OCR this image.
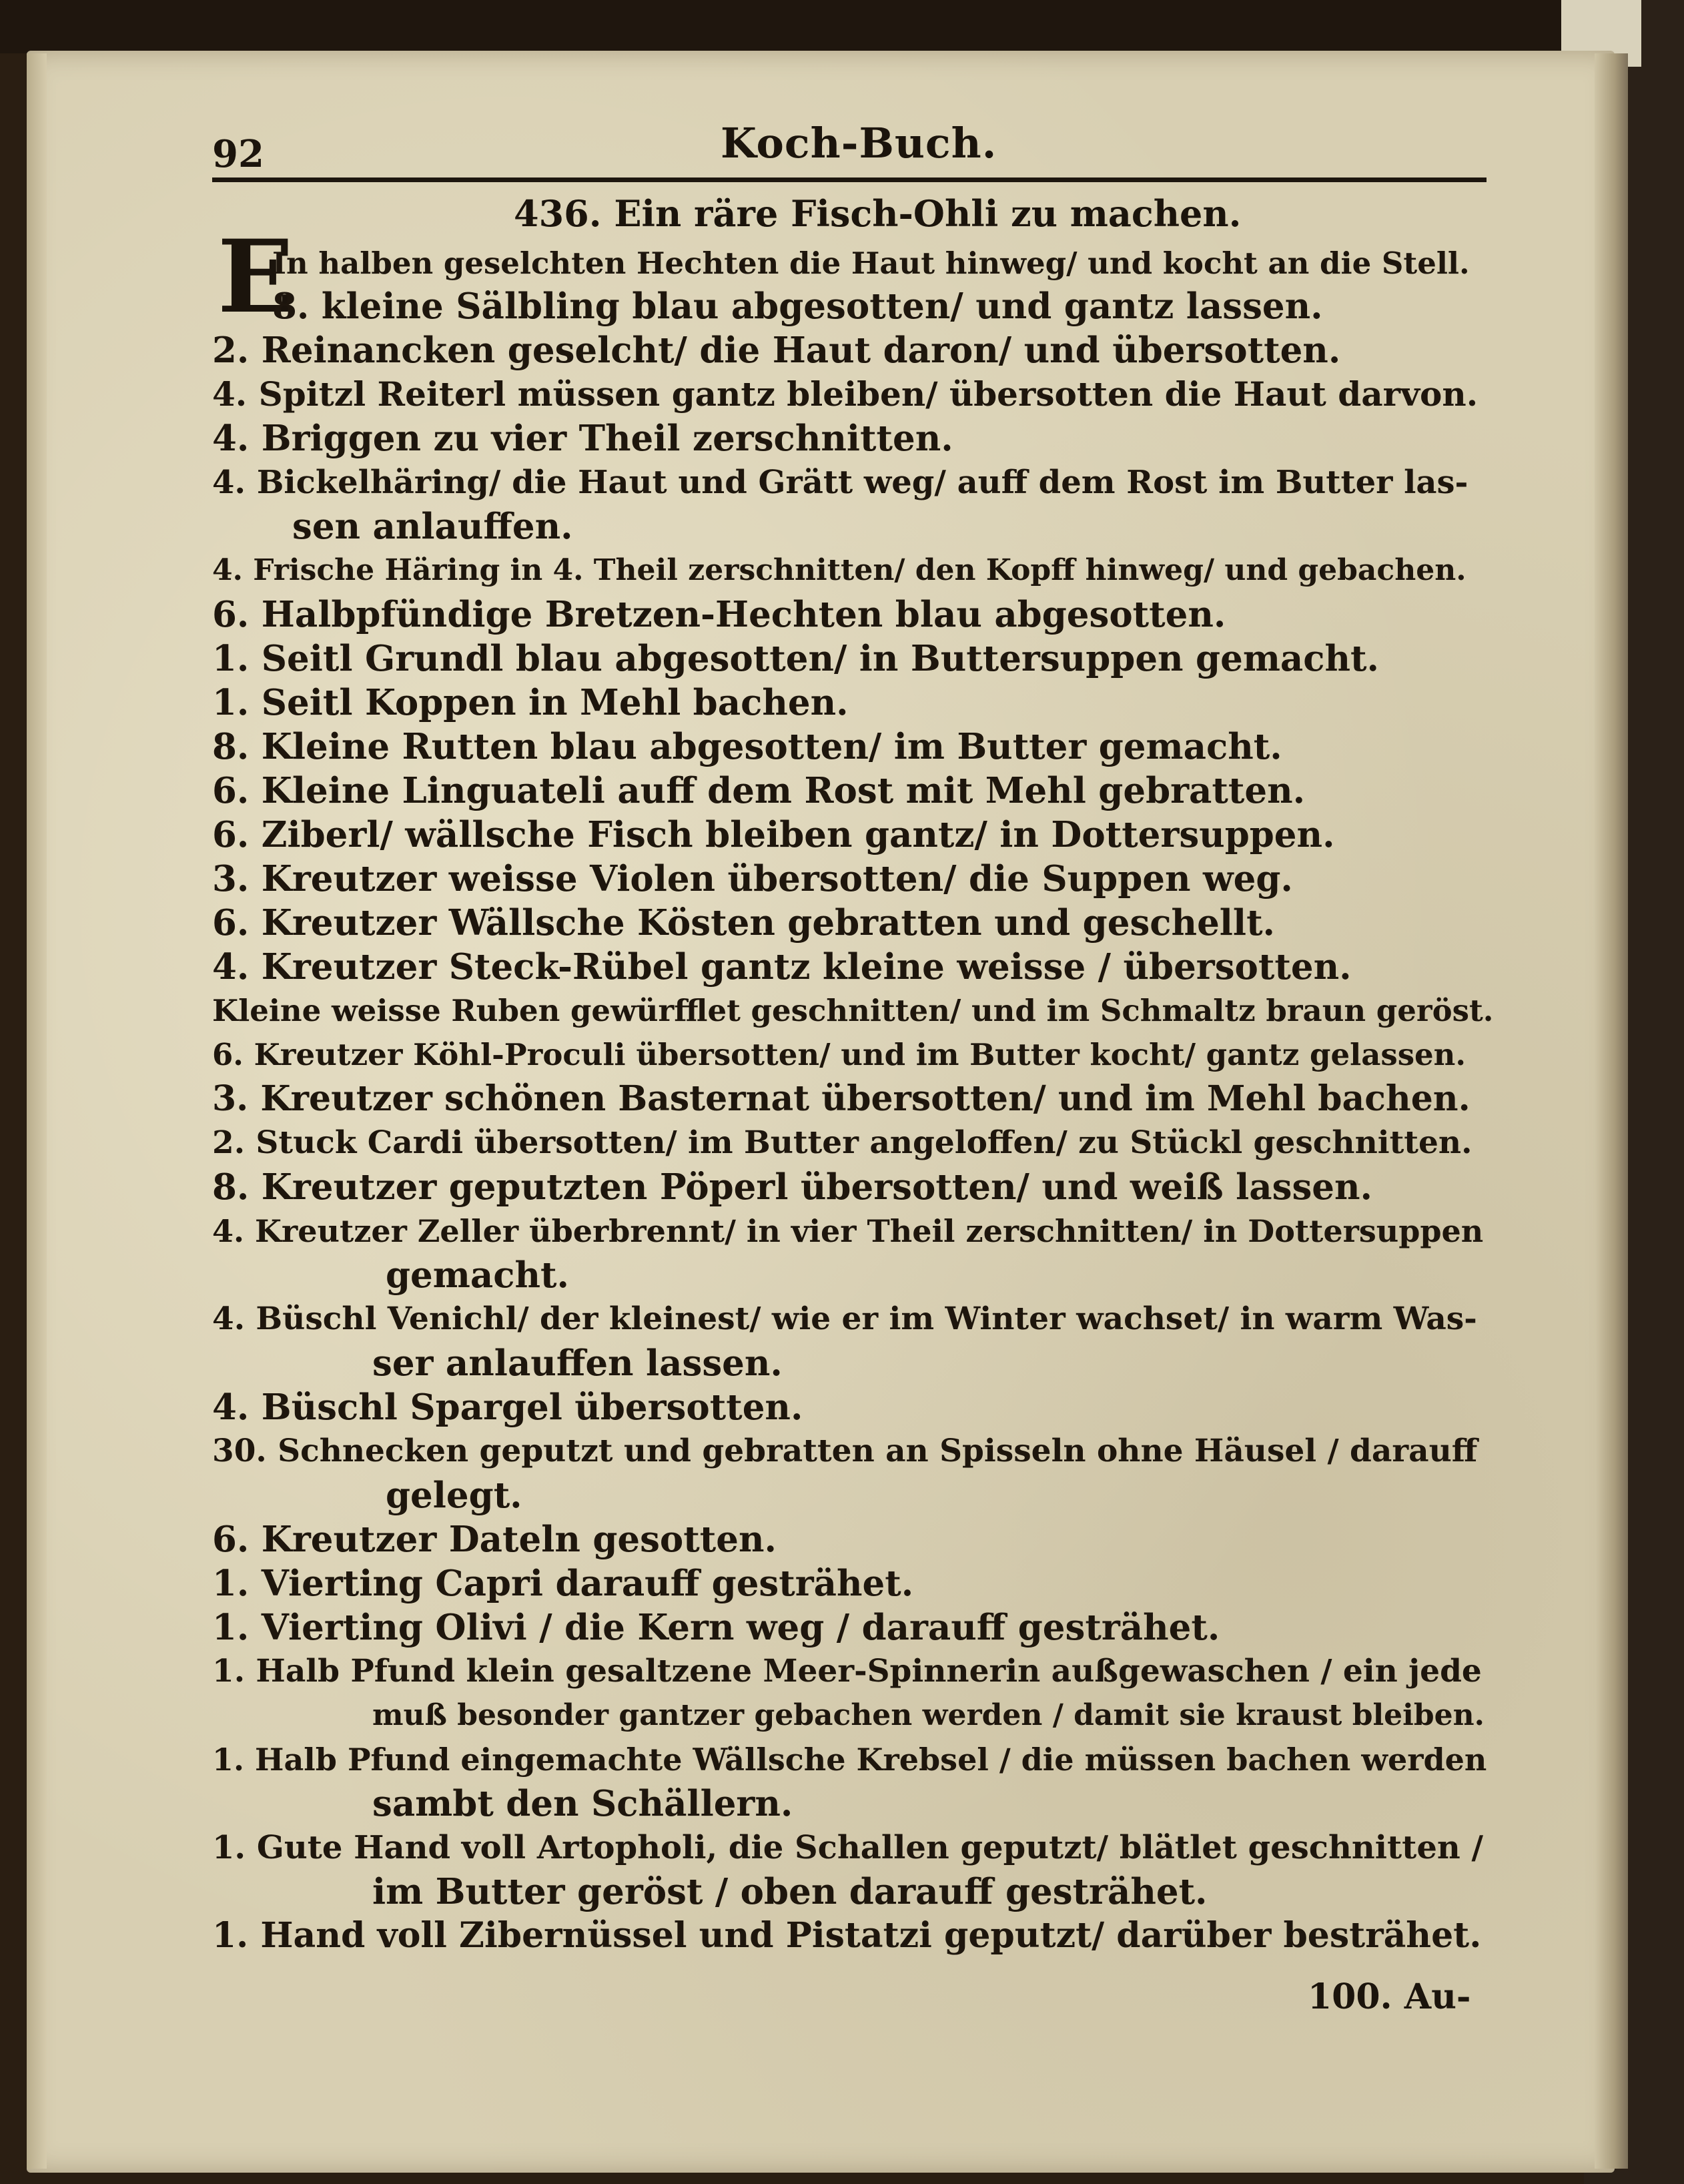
92	Koch-Buch.
436. Ein räre Fisch-Ohli zu machen.
E
In halben geselchten Hechten die Haut hinweg/ und kocht an die Stell.
8. kleine Sälbling blau abgesotten/ und gantz lassen.
2. Reinancken geselcht/ die Haut daron/ und übersotten.
4. Spitzl Reiterl müssen gantz bleiben/ übersotten die Haut darvon.
4. Briggen zu vier Theil zerschnitten.
4. Bickelhäring/ die Haut und Grätt weg/ auff dem Rost im Butter las-
sen anlauffen.
4. Frische Häring in 4. Theil zerschnitten/ den Kopff hinweg/ und gebachen.
6. Halbpfündige Bretzen-Hechten blau abgesotten.
1. Seitl Grundl blau abgesotten/ in Buttersuppen gemacht.
1. Seitl Koppen in Mehl bachen.
8. Kleine Rutten blau abgesotten/ im Butter gemacht.
6. Kleine Linguateli auff dem Rost mit Mehl gebratten.
6. Ziberl/ wällsche Fisch bleiben gantz/ in Dottersuppen.
3. Kreutzer weisse Violen übersotten/ die Suppen weg.
6. Kreutzer Wällsche Kösten gebratten und geschellt.
4. Kreutzer Steck-Rübel gantz kleine weisse / übersotten.
Kleine weisse Ruben gewürfflet geschnitten/ und im Schmaltz braun geröst.
6. Kreutzer Köhl-Proculi übersotten/ und im Butter kocht/ gantz gelassen.
3. Kreutzer schönen Basternat übersotten/ und im Mehl bachen.
2. Stuck Cardi übersotten/ im Butter angeloffen/ zu Stückl geschnitten.
8. Kreutzer geputzten Pöperl übersotten/ und weiß lassen.
4. Kreutzer Zeller überbrennt/ in vier Theil zerschnitten/ in Dottersuppen
gemacht.
4. Büschl Venichl/ der kleinest/ wie er im Winter wachset/ in warm Was-
ser anlauffen lassen.
4. Büschl Spargel übersotten.
30. Schnecken geputzt und gebratten an Spisseln ohne Häusel / darauff
gelegt.
6. Kreutzer Dateln gesotten.
1. Vierting Capri darauff gesträhet.
1. Vierting Olivi / die Kern weg / darauff gesträhet.
1. Halb Pfund klein gesaltzene Meer-Spinnerin außgewaschen / ein jede
muß besonder gantzer gebachen werden / damit sie kraust bleiben.
1. Halb Pfund eingemachte Wällsche Krebsel / die müssen bachen werden
sambt den Schällern.
1. Gute Hand voll Artopholi, die Schallen geputzt/ blätlet geschnitten /
im Butter geröst / oben darauff gesträhet.
1. Hand voll Zibernüssel und Pistatzi geputzt/ darüber besträhet.
100. Au-
